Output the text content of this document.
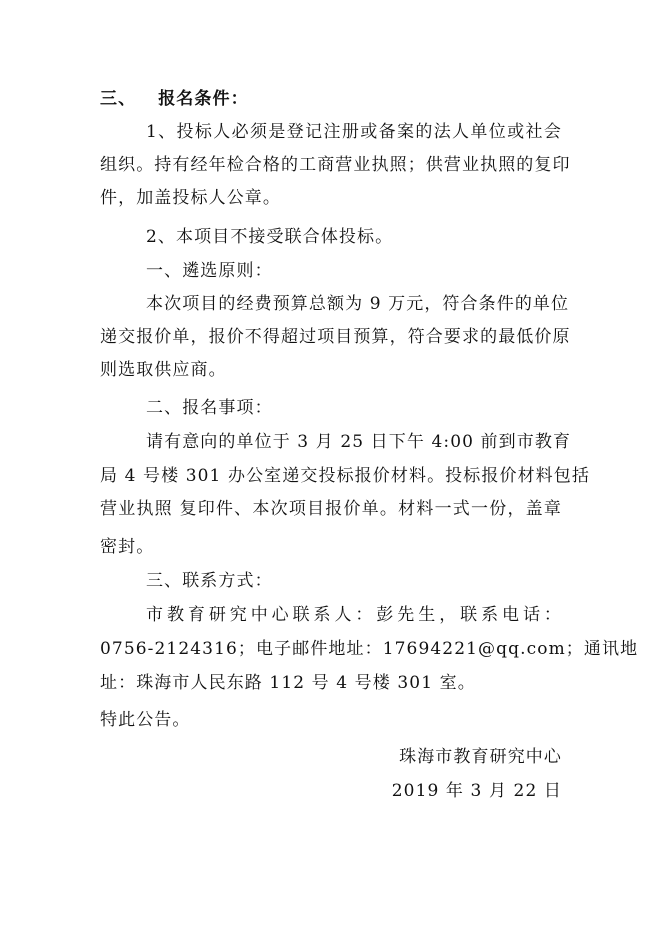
三、 报名条件：
1、投标人必须是登记注册或备案的法人单位或社会
组织。持有经年检合格的工商营业执照；供营业执照的复印
件，加盖投标人公章。
2、本项目不接受联合体投标。
一、遴选原则：
本次项目的经费预算总额为 9 万元，符合条件的单位
递交报价单，报价不得超过项目预算，符合要求的最低价原
则选取供应商。
二、报名事项：
请有意向的单位于 3 月 25 日下午 4:00 前到市教育
局 4 号楼 301 办公室递交投标报价材料。投标报价材料包括
营业执照 复印件、本次项目报价单。材料一式一份，盖章
密封。
三、联系方式：
市教育研究中心联系人：彭先生，联系电话：
0756-2124316；电子邮件地址：17694221@qq.com；通讯地
址：珠海市人民东路 112 号 4 号楼 301 室。
特此公告。
珠海市教育研究中心
2019 年 3 月 22 日
